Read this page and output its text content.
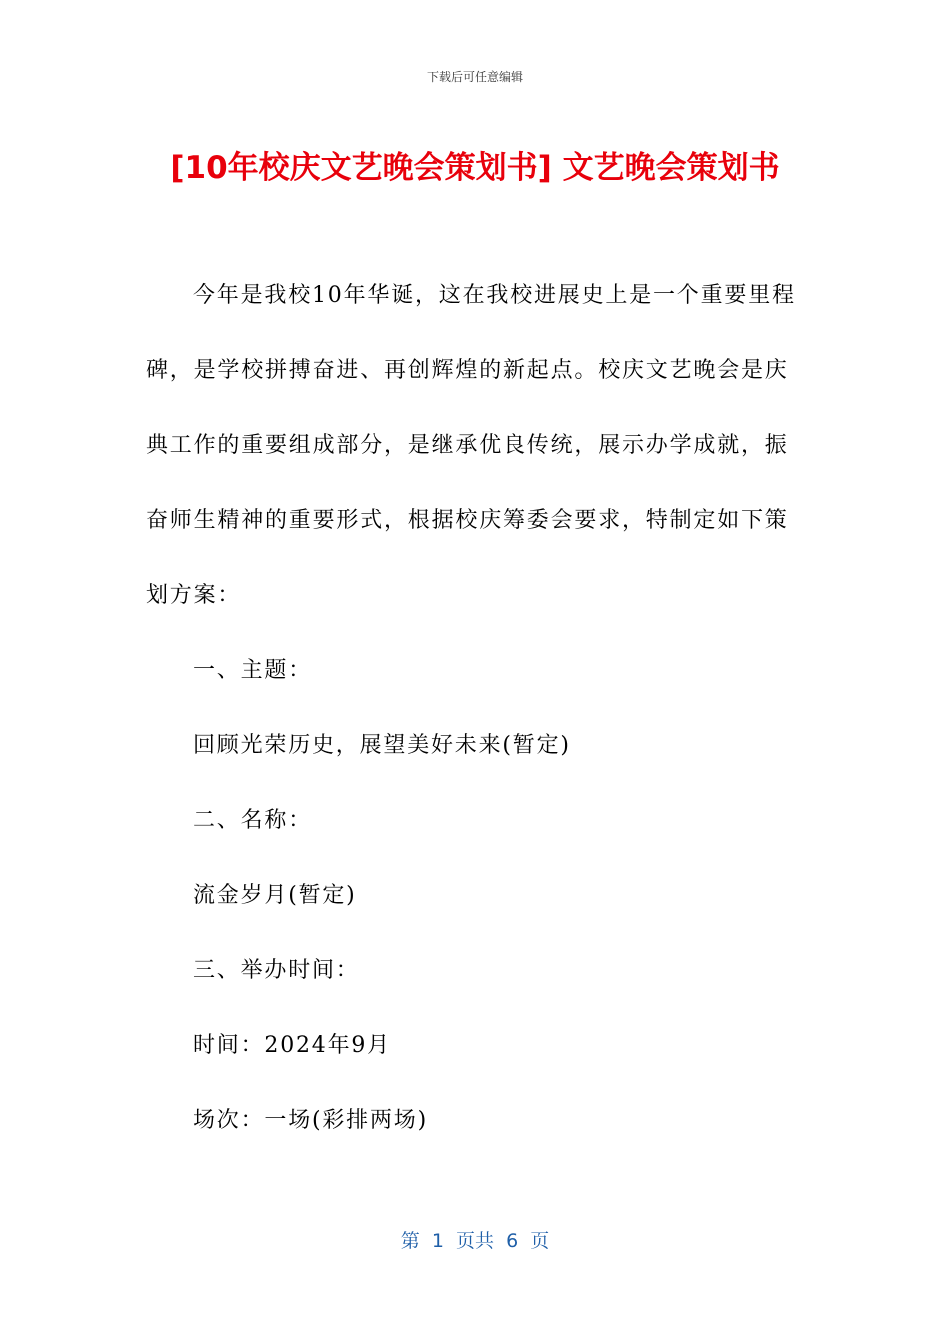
下载后可任意编辑
[10年校庆文艺晚会策划书] 文艺晚会策划书

今年是我校10年华诞，这在我校进展史上是一个重要里程碑，是学校拼搏奋进、再创辉煌的新起点。校庆文艺晚会是庆典工作的重要组成部分，是继承优良传统，展示办学成就，振奋师生精神的重要形式，根据校庆筹委会要求，特制定如下策划方案：

一、主题：

回顾光荣历史，展望美好未来(暂定)

二、名称：

流金岁月(暂定)

三、举办时间：

时间：2024年9月

场次：一场(彩排两场)

第  1  页共  6  页
